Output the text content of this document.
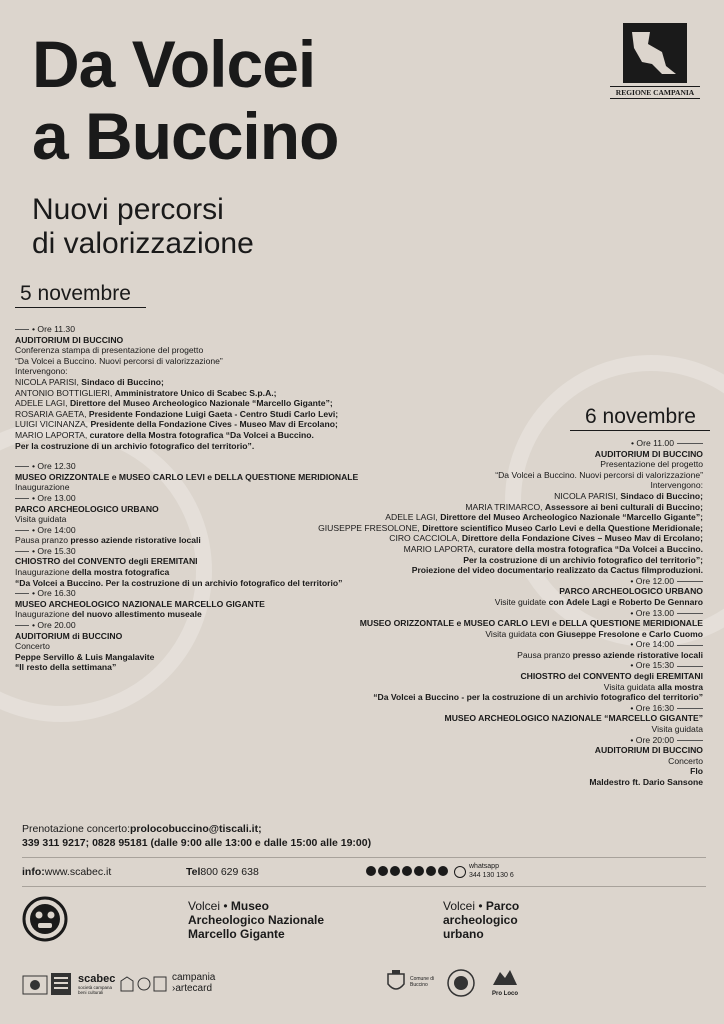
Da Volcei
a Buccino
Nuovi percorsi
di valorizzazione
REGIONE CAMPANIA
5 novembre
• Ore 11.30
AUDITORIUM DI BUCCINO
Conferenza stampa di presentazione del progetto
“Da Volcei a Buccino. Nuovi percorsi di valorizzazione”
Intervengono:
NICOLA PARISI, Sindaco di Buccino;
ANTONIO BOTTIGLIERI, Amministratore Unico di Scabec S.p.A.;
ADELE LAGI, Direttore del Museo Archeologico Nazionale “Marcello Gigante”;
ROSARIA GAETA, Presidente Fondazione Luigi Gaeta - Centro Studi Carlo Levi;
LUIGI VICINANZA, Presidente della Fondazione Cives - Museo Mav di Ercolano;
MARIO LAPORTA, curatore della Mostra fotografica “Da Volcei a Buccino.
Per la costruzione di un archivio fotografico del territorio”.
• Ore 12.30
MUSEO ORIZZONTALE e MUSEO CARLO LEVI e DELLA QUESTIONE MERIDIONALE
Inaugurazione
• Ore 13.00
PARCO ARCHEOLOGICO URBANO
Visita guidata
• Ore 14:00
Pausa pranzo presso aziende ristorative locali
• Ore 15.30
CHIOSTRO del CONVENTO degli EREMITANI
Inaugurazione della mostra fotografica
“Da Volcei a Buccino. Per la costruzione di un archivio fotografico del territorio”
• Ore 16.30
MUSEO ARCHEOLOGICO NAZIONALE MARCELLO GIGANTE
Inaugurazione del nuovo allestimento museale
• Ore 20.00
AUDITORIUM di BUCCINO
Concerto
Peppe Servillo & Luis Mangalavite
“Il resto della settimana”
6 novembre
• Ore 11.00
AUDITORIUM DI BUCCINO
Presentazione del progetto
“Da Volcei a Buccino. Nuovi percorsi di valorizzazione”
Intervengono:
NICOLA PARISI, Sindaco di Buccino;
MARIA TRIMARCO, Assessore ai beni culturali di Buccino;
ADELE LAGI, Direttore del Museo Archeologico Nazionale “Marcello Gigante”;
GIUSEPPE FRESOLONE, Direttore scientifico Museo Carlo Levi e della Questione Meridionale;
CIRO CACCIOLA, Direttore della Fondazione Cives – Museo Mav di Ercolano;
MARIO LAPORTA, curatore della mostra fotografica “Da Volcei a Buccino.
Per la costruzione di un archivio fotografico del territorio”;
Proiezione del video documentario realizzato da Cactus filmproduzioni.
• Ore 12.00
PARCO ARCHEOLOGICO URBANO
Visite guidate con Adele Lagi e Roberto De Gennaro
• Ore 13.00
MUSEO ORIZZONTALE e MUSEO CARLO LEVI e DELLA QUESTIONE MERIDIONALE
Visita guidata con Giuseppe Fresolone e Carlo Cuomo
• Ore 14:00
Pausa pranzo presso aziende ristorative locali
• Ore 15:30
CHIOSTRO del CONVENTO degli EREMITANI
Visita guidata alla mostra
“Da Volcei a Buccino - per la costruzione di un archivio fotografico del territorio”
• Ore 16:30
MUSEO ARCHEOLOGICO NAZIONALE “MARCELLO GIGANTE”
Visita guidata
• Ore 20:00
AUDITORIUM DI BUCCINO
Concerto
Flo
Maldestro ft. Dario Sansone
Prenotazione concerto:prolocobuccino@tiscali.it;
339 311 9217; 0828 95181 (dalle 9:00 alle 13:00 e dalle 15:00 alle 19:00)
info:www.scabec.it	Tel800 629 638	whatsapp
344 130 130 6
Volcei • Museo
Archeologico Nazionale
Marcello Gigante
Volcei • Parco
archeologico
urbano
scabec
società campana beni culturali
campania
›artecard
Comune di Buccino
Pro Loco
